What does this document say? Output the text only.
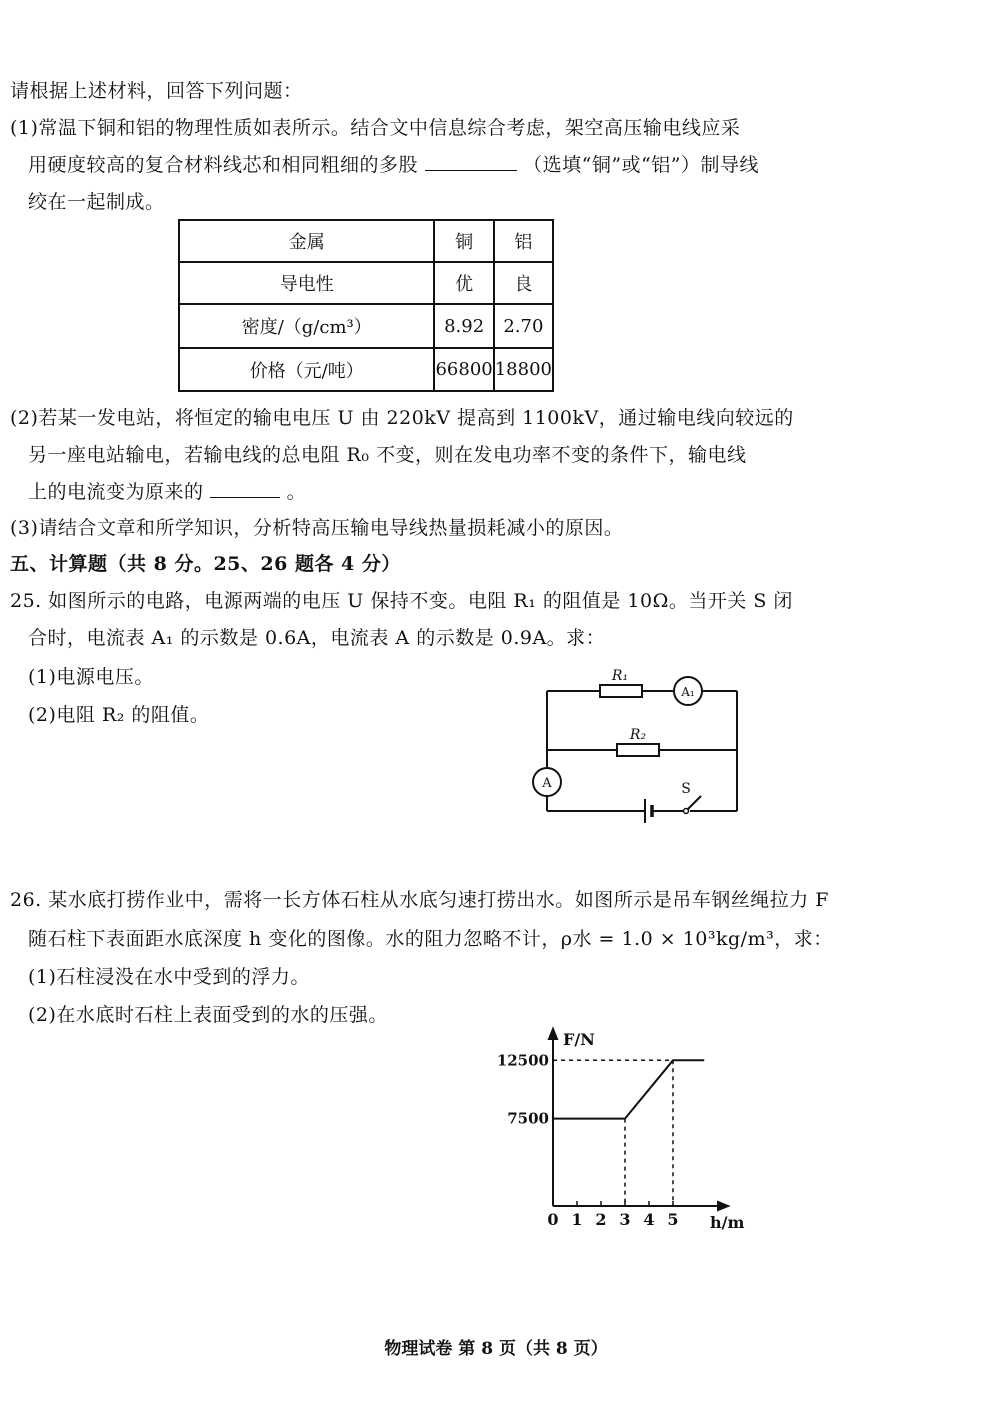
请根据上述材料，回答下列问题：
(1)常温下铜和铝的物理性质如表所示。结合文中信息综合考虑，架空高压输电线应采
用硬度较高的复合材料线芯和相同粗细的多股	（选填“铜”或“铝”）制导线
绞在一起制成。
金属	铜	铝
导电性	优	良
密度/（g/cm³）	8.92	2.70
价格（元/吨）	66800	18800
(2)若某一发电站，将恒定的输电电压 U 由 220kV 提高到 1100kV，通过输电线向较远的
另一座电站输电，若输电线的总电阻 R₀ 不变，则在发电功率不变的条件下，输电线
上的电流变为原来的	。
(3)请结合文章和所学知识，分析特高压输电导线热量损耗减小的原因。
五、计算题（共 8 分。25、26 题各 4 分）
25. 如图所示的电路，电源两端的电压 U 保持不变。电阻 R₁ 的阻值是 10Ω。当开关 S 闭
合时，电流表 A₁ 的示数是 0.6A，电流表 A 的示数是 0.9A。求：
(1)电源电压。
(2)电阻 R₂ 的阻值。
R₁
A₁
R₂
A	S
26. 某水底打捞作业中，需将一长方体石柱从水底匀速打捞出水。如图所示是吊车钢丝绳拉力 F
随石柱下表面距水底深度 h 变化的图像。水的阻力忽略不计，ρ水 = 1.0 × 10³kg/m³，求：
(1)石柱浸没在水中受到的浮力。
(2)在水底时石柱上表面受到的水的压强。
0 1 2 3 4 5
7500
12500
F/N
h/m
物理试卷 第 8 页（共 8 页）
